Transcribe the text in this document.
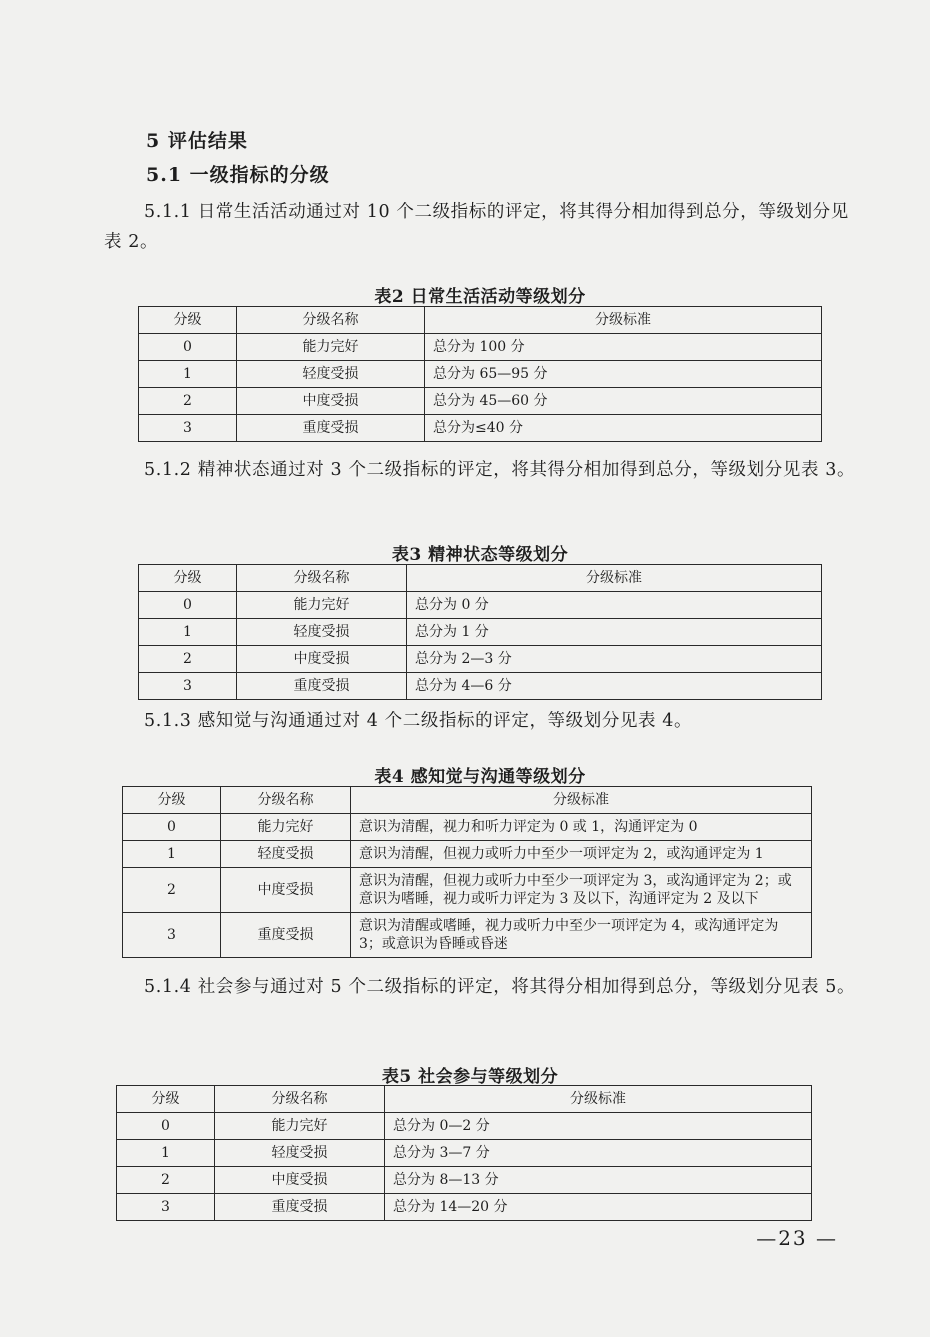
5 评估结果
5.1 一级指标的分级
5.1.1 日常生活活动通过对 10 个二级指标的评定，将其得分相加得到总分，等级划分见表 2。
表2 日常生活活动等级划分
分级	分级名称	分级标准
0	能力完好	总分为 100 分
1	轻度受损	总分为 65—95 分
2	中度受损	总分为 45—60 分
3	重度受损	总分为≤40 分
5.1.2 精神状态通过对 3 个二级指标的评定，将其得分相加得到总分，等级划分见表 3。
表3 精神状态等级划分
分级	分级名称	分级标准
0	能力完好	总分为 0 分
1	轻度受损	总分为 1 分
2	中度受损	总分为 2—3 分
3	重度受损	总分为 4—6 分
5.1.3 感知觉与沟通通过对 4 个二级指标的评定，等级划分见表 4。
表4 感知觉与沟通等级划分
分级	分级名称	分级标准
0	能力完好	意识为清醒，视力和听力评定为 0 或 1，沟通评定为 0
1	轻度受损	意识为清醒，但视力或听力中至少一项评定为 2，或沟通评定为 1
2	中度受损	意识为清醒，但视力或听力中至少一项评定为 3，或沟通评定为 2；或意识为嗜睡，视力或听力评定为 3 及以下，沟通评定为 2 及以下
3	重度受损	意识为清醒或嗜睡，视力或听力中至少一项评定为 4，或沟通评定为 3；或意识为昏睡或昏迷
5.1.4 社会参与通过对 5 个二级指标的评定，将其得分相加得到总分，等级划分见表 5。
表5 社会参与等级划分
分级	分级名称	分级标准
0	能力完好	总分为 0—2 分
1	轻度受损	总分为 3—7 分
2	中度受损	总分为 8—13 分
3	重度受损	总分为 14—20 分
—23 —
